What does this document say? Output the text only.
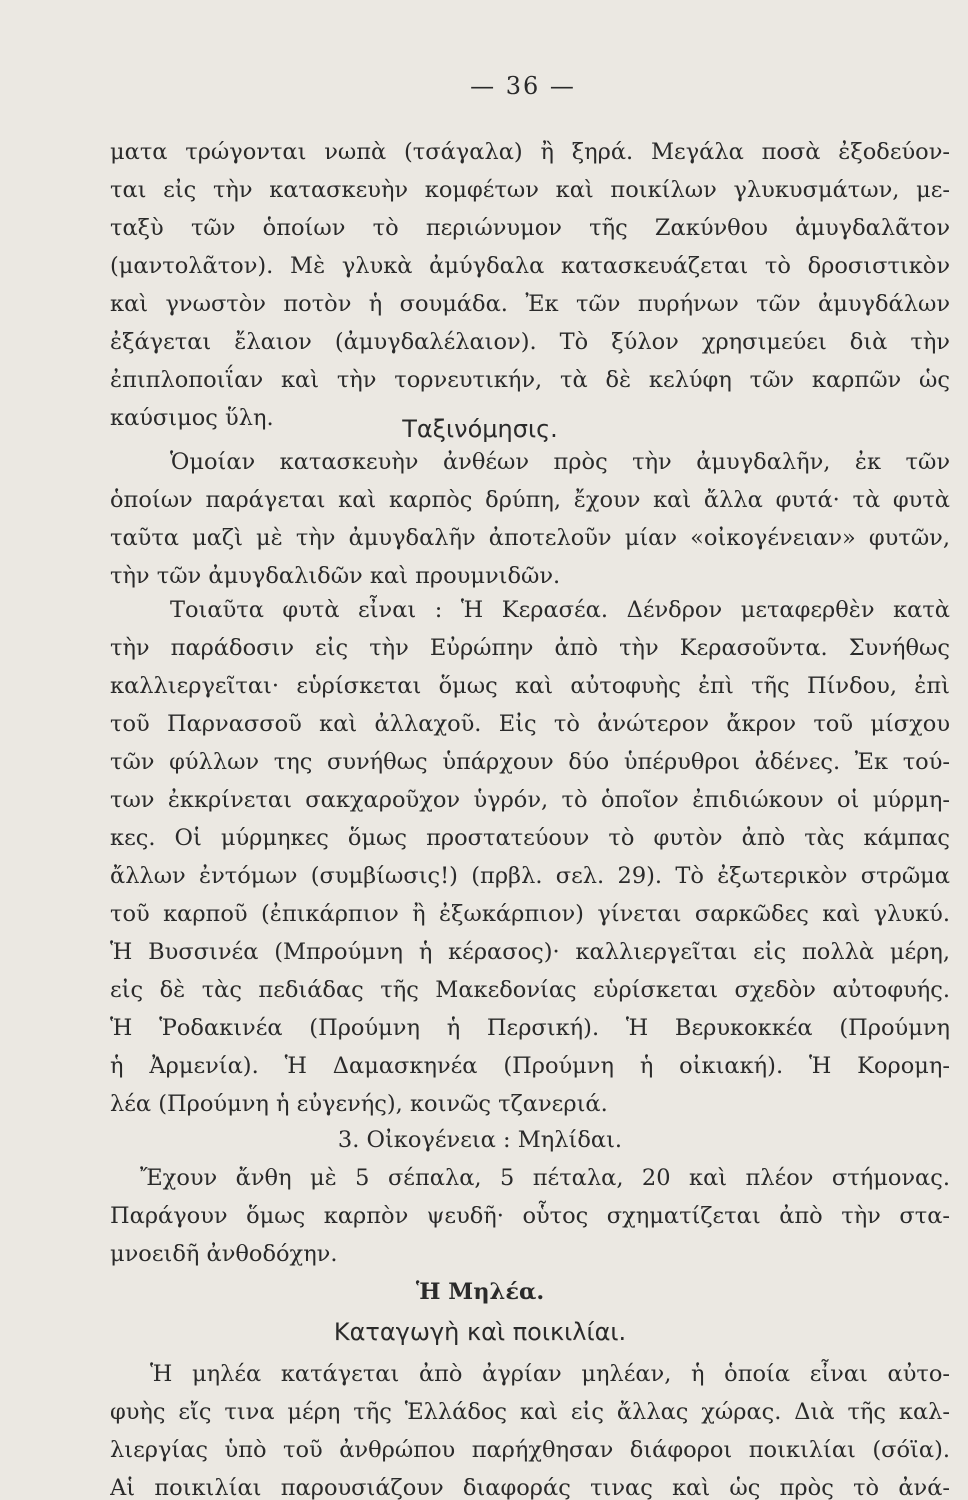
— 36 —
ματα τρώγονται νωπὰ (τσάγαλα) ἢ ξηρά. Μεγάλα ποσὰ ἐξοδεύον-
ται εἰς τὴν κατασκευὴν κομφέτων καὶ ποικίλων γλυκυσμάτων, με-
ταξὺ τῶν ὁποίων τὸ περιώνυμον τῆς Ζακύνθου ἀμυγδαλᾶτον
(μαντολᾶτον). Μὲ γλυκὰ ἀμύγδαλα κατασκευάζεται τὸ δροσιστικὸν
καὶ γνωστὸν ποτὸν ἡ σουμάδα. Ἐκ τῶν πυρήνων τῶν ἀμυγδάλων
ἐξάγεται ἔλαιον (ἀμυγδαλέλαιον). Τὸ ξύλον χρησιμεύει διὰ τὴν
ἐπιπλοποιΐαν καὶ τὴν τορνευτικήν, τὰ δὲ κελύφη τῶν καρπῶν ὡς
καύσιμος ὕλη.	Ταξινόμησις.
Ὁμοίαν κατασκευὴν ἀνθέων πρὸς τὴν ἀμυγδαλῆν, ἐκ τῶν
ὁποίων παράγεται καὶ καρπὸς δρύπη, ἔχουν καὶ ἄλλα φυτά· τὰ φυτὰ
ταῦτα μαζὶ μὲ τὴν ἀμυγδαλῆν ἀποτελοῦν μίαν «οἰκογένειαν» φυτῶν,
τὴν τῶν ἀμυγδαλιδῶν καὶ προυμνιδῶν.
Τοιαῦτα φυτὰ εἶναι : Ἡ Κερασέα. Δένδρον μεταφερθὲν κατὰ
τὴν παράδοσιν εἰς τὴν Εὐρώπην ἀπὸ τὴν Κερασοῦντα. Συνήθως
καλλιεργεῖται· εὑρίσκεται ὅμως καὶ αὐτοφυὴς ἐπὶ τῆς Πίνδου, ἐπὶ
τοῦ Παρνασσοῦ καὶ ἀλλαχοῦ. Εἰς τὸ ἀνώτερον ἄκρον τοῦ μίσχου
τῶν φύλλων της συνήθως ὑπάρχουν δύο ὑπέρυθροι ἀδένες. Ἐκ τού-
των ἐκκρίνεται σακχαροῦχον ὑγρόν, τὸ ὁποῖον ἐπιδιώκουν οἱ μύρμη-
κες. Οἱ μύρμηκες ὅμως προστατεύουν τὸ φυτὸν ἀπὸ τὰς κάμπας
ἄλλων ἐντόμων (συμβίωσις!) (πρβλ. σελ. 29). Τὸ ἐξωτερικὸν στρῶμα
τοῦ καρποῦ (ἐπικάρπιον ἢ ἐξωκάρπιον) γίνεται σαρκῶδες καὶ γλυκύ.
Ἡ Βυσσινέα (Μπρούμνη ἡ κέρασος)· καλλιεργεῖται εἰς πολλὰ μέρη,
εἰς δὲ τὰς πεδιάδας τῆς Μακεδονίας εὑρίσκεται σχεδὸν αὐτοφυής.
Ἡ Ῥοδακινέα (Προύμνη ἡ Περσική). Ἡ Βερυκοκκέα (Προύμνη
ἡ Ἀρμενία). Ἡ Δαμασκηνέα (Προύμνη ἡ οἰκιακή). Ἡ Κορομη-
λέα (Προύμνη ἡ εὐγενής), κοινῶς τζανεριά.
3. Οἰκογένεια : Μηλίδαι.
Ἔχουν ἄνθη μὲ 5 σέπαλα, 5 πέταλα, 20 καὶ πλέον στήμονας.
Παράγουν ὅμως καρπὸν ψευδῆ· οὗτος σχηματίζεται ἀπὸ τὴν στα-
μνοειδῆ ἀνθοδόχην.
Ἡ Μηλέα.
Καταγωγὴ καὶ ποικιλίαι.
Ἡ μηλέα κατάγεται ἀπὸ ἀγρίαν μηλέαν, ἡ ὁποία εἶναι αὐτο-
φυὴς εἴς τινα μέρη τῆς Ἑλλάδος καὶ εἰς ἄλλας χώρας. Διὰ τῆς καλ-
λιεργίας ὑπὸ τοῦ ἀνθρώπου παρήχθησαν διάφοροι ποικιλίαι (σόϊα).
Αἱ ποικιλίαι παρουσιάζουν διαφοράς τινας καὶ ὡς πρὸς τὸ ἀνά-
